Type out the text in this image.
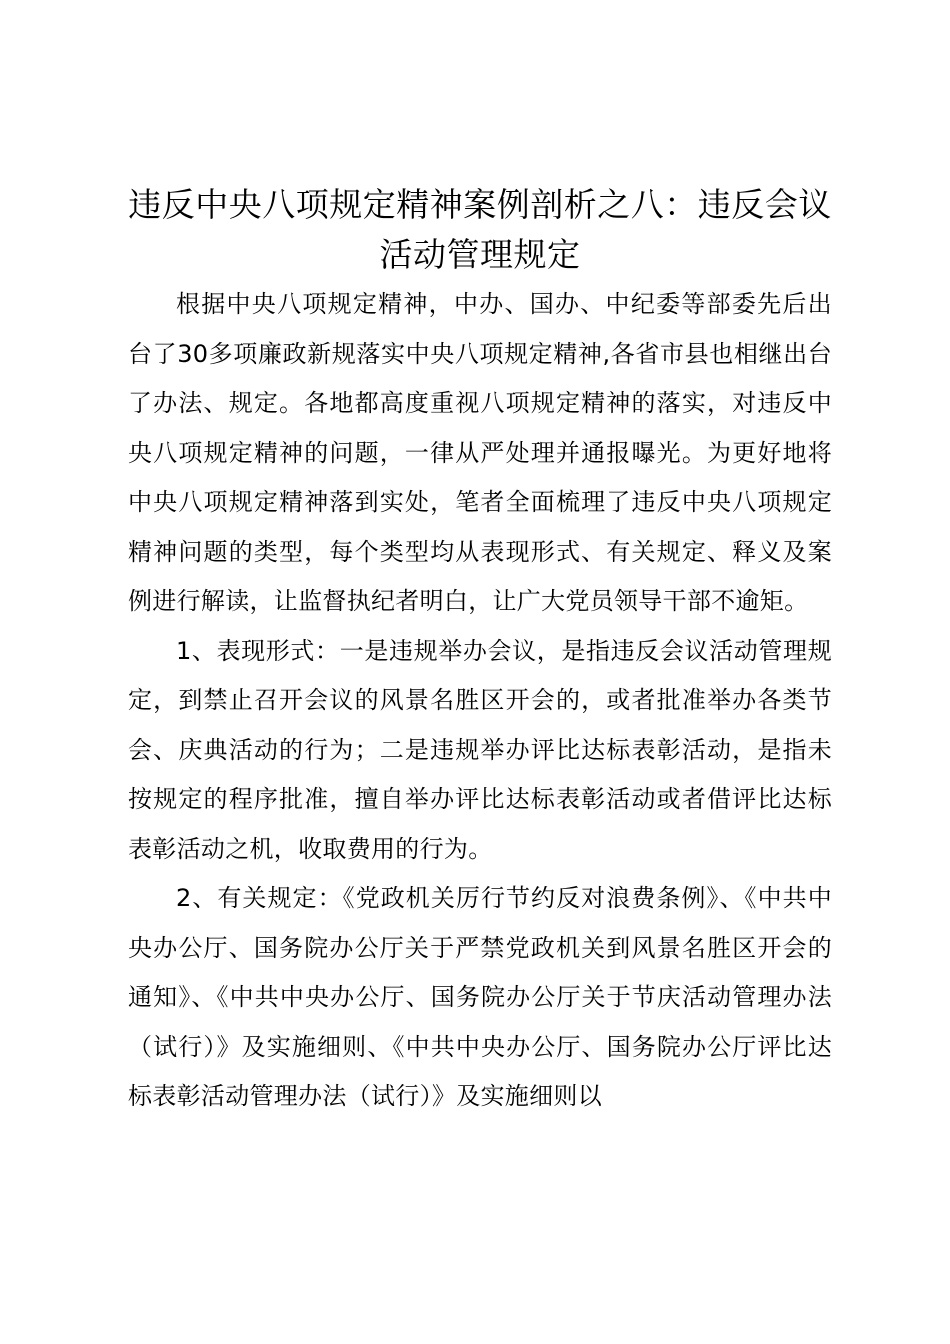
违反中央八项规定精神案例剖析之八：违反会议活动管理规定

根据中央八项规定精神，中办、国办、中纪委等部委先后出台了30多项廉政新规落实中央八项规定精神,各省市县也相继出台了办法、规定。各地都高度重视八项规定精神的落实，对违反中央八项规定精神的问题，一律从严处理并通报曝光。为更好地将中央八项规定精神落到实处，笔者全面梳理了违反中央八项规定精神问题的类型，每个类型均从表现形式、有关规定、释义及案例进行解读，让监督执纪者明白，让广大党员领导干部不逾矩。

1、表现形式：一是违规举办会议，是指违反会议活动管理规定，到禁止召开会议的风景名胜区开会的，或者批准举办各类节会、庆典活动的行为；二是违规举办评比达标表彰活动，是指未按规定的程序批准，擅自举办评比达标表彰活动或者借评比达标表彰活动之机，收取费用的行为。

2、有关规定：《党政机关厉行节约反对浪费条例》、《中共中央办公厅、国务院办公厅关于严禁党政机关到风景名胜区开会的通知》、《中共中央办公厅、国务院办公厅关于节庆活动管理办法（试行）》及实施细则、《中共中央办公厅、国务院办公厅评比达标表彰活动管理办法（试行）》及实施细则以
